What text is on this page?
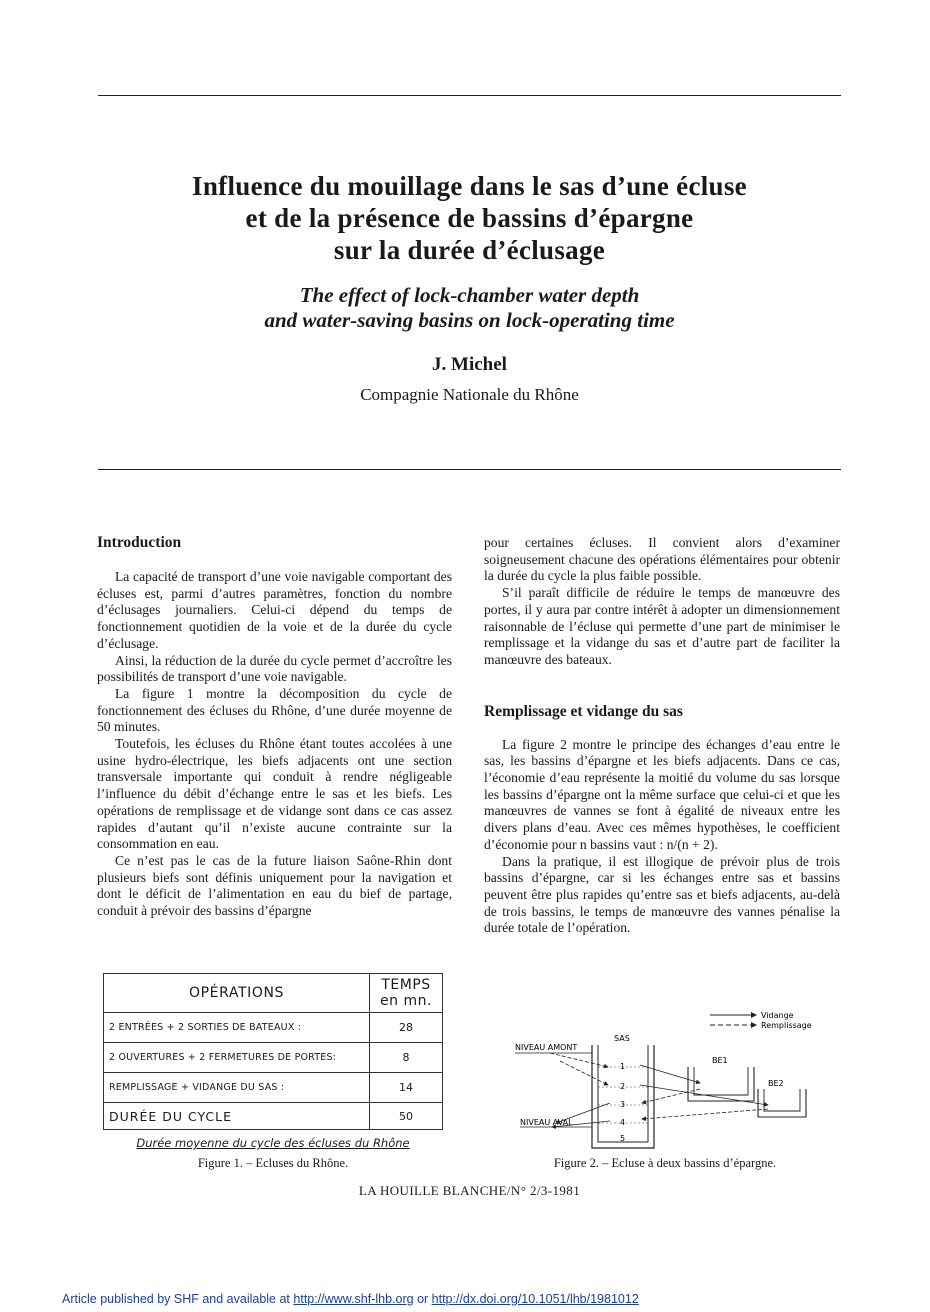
Influence du mouillage dans le sas d’une écluse
et de la présence de bassins d’épargne
sur la durée d’éclusage
The effect of lock-chamber water depth
and water-saving basins on lock-operating time
J. Michel
Compagnie Nationale du Rhône
Introduction

La capacité de transport d’une voie navigable comportant des écluses est, parmi d’autres paramètres, fonction du nombre d’éclusages journaliers. Celui-ci dépend du temps de fonctionnement quotidien de la voie et de la durée du cycle d’éclusage.

Ainsi, la réduction de la durée du cycle permet d’accroître les possibilités de transport d’une voie navigable.

La figure 1 montre la décomposition du cycle de fonctionnement des écluses du Rhône, d’une durée moyenne de 50 minutes.

Toutefois, les écluses du Rhône étant toutes accolées à une usine hydro-électrique, les biefs adjacents ont une section transversale importante qui conduit à rendre négligeable l’influence du débit d’échange entre le sas et les biefs. Les opérations de remplissage et de vidange sont dans ce cas assez rapides d’autant qu’il n’existe aucune contrainte sur la consommation en eau.

Ce n’est pas le cas de la future liaison Saône-Rhin dont plusieurs biefs sont définis uniquement pour la navigation et dont le déficit de l’alimentation en eau du bief de partage, conduit à prévoir des bassins d’épargne

pour certaines écluses. Il convient alors d’examiner soigneusement chacune des opérations élémentaires pour obtenir la durée du cycle la plus faible possible.

S’il paraît difficile de réduire le temps de manœuvre des portes, il y aura par contre intérêt à adopter un dimensionnement raisonnable de l’écluse qui permette d’une part de minimiser le remplissage et la vidange du sas et d’autre part de faciliter la manœuvre des bateaux.

Remplissage et vidange du sas

La figure 2 montre le principe des échanges d’eau entre le sas, les bassins d’épargne et les biefs adjacents. Dans ce cas, l’économie d’eau représente la moitié du volume du sas lorsque les bassins d’épargne ont la même surface que celui-ci et que les manœuvres de vannes se font à égalité de niveaux entre les divers plans d’eau. Avec ces mêmes hypothèses, le coefficient d’économie pour n bassins vaut : n/(n + 2).

Dans la pratique, il est illogique de prévoir plus de trois bassins d’épargne, car si les échanges entre sas et bassins peuvent être plus rapides qu’entre sas et biefs adjacents, au-delà de trois bassins, le temps de manœuvre des vannes pénalise la durée totale de l’opération.

OPÉRATIONS	TEMPS
en mn.

2 ENTRÉES + 2 SORTIES DE BATEAUX :	28
2 OUVERTURES + 2 FERMETURES DE PORTES:	8
REMPLISSAGE + VIDANGE DU SAS :	14
DURÉE DU CYCLE	50
Durée moyenne du cycle des écluses du Rhône
Figure 1. – Ecluses du Rhône.
Vidange
Remplissage
SAS
NIVEAU AMONT
NIVEAU AVAL
BE1
BE2
1
2
3
4
5
Figure 2. – Ecluse à deux bassins d’épargne.
LA HOUILLE BLANCHE/N° 2/3-1981
Article published by SHF and available at http://www.shf-lhb.org or http://dx.doi.org/10.1051/lhb/1981012
